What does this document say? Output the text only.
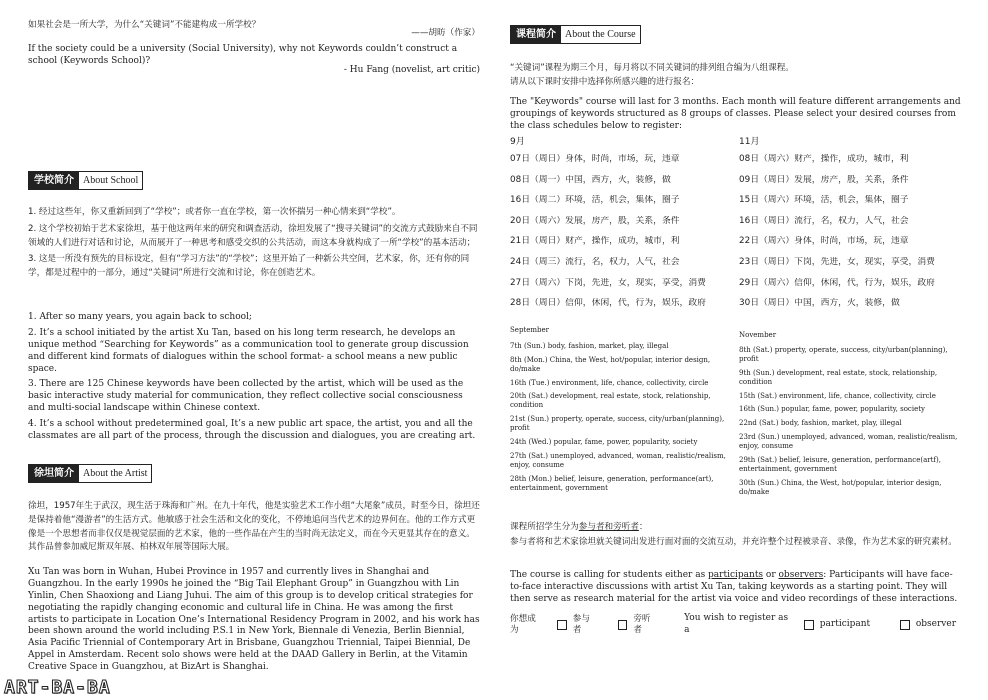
如果社会是一所大学，为什么“关键词”不能建构成一所学校？

——胡昉（作家）

If the society could be a university (Social University), why not Keywords couldn’t construct a school (Keywords School)?

- Hu Fang (novelist, art critic)

学校简介 About School

1. 经过这些年，你又重新回到了“学校”；或者你一直在学校，第一次怀揣另一种心情来到“学校”。

2. 这个学校初始于艺术家徐坦，基于他这两年来的研究和调查活动，徐坦发展了“搜寻关键词”的交流方式鼓励来自不同 领域的人们进行对话和讨论，从而展开了一种思考和感受交织的公共活动，而这本身就构成了一所“学校”的基本活动；

3. 这是一所没有预先的目标设定，但有“学习方法”的“学校”；这里开始了一种新公共空间，艺术家，你，还有你的同学，都是过程中的一部分，通过“关键词”所进行交流和讨论，你在创造艺术。

1. After so many years, you again back to school;

2. It’s a school initiated by the artist Xu Tan, based on his long term research, he develops an unique method “Searching for Keywords” as a communication tool to generate group discussion and different kind formats of dialogues within the school format- a school means a new public space.

3. There are 125 Chinese keywords have been collected by the artist, which will be used as the basic interactive study material for communication, they reflect collective social consciousness and multi-social landscape within Chinese context.

4. It’s a school without predetermined goal, It’s a new public art space, the artist, you and all the classmates are all part of the process, through the discussion and dialogues, you are creating art.

徐坦简介 About the Artist

徐坦，1957年生于武汉，现生活于珠海和广州。在九十年代，他是实验艺术工作小组“大尾象”成员，时至今日，徐坦还是保持着他“漫游者”的生活方式。他敏感于社会生活和文化的变化，不停地追问当代艺术的边界何在。他的工作方式更像是一个思想者而非仅仅是视觉层面的艺术家，他的一些作品在产生的当时尚无法定义，而在今天更显其存在的意义。其作品曾参加威尼斯双年展、柏林双年展等国际大展。

Xu Tan was born in Wuhan, Hubei Province in 1957 and currently lives in Shanghai and Guangzhou. In the early 1990s he joined the “Big Tail Elephant Group” in Guangzhou with Lin Yinlin, Chen Shaoxiong and Liang Juhui. The aim of this group is to develop critical strategies for negotiating the rapidly changing economic and cultural life in China. He was among the first artists to participate in Location One’s International Residency Program in 2002, and his work has been shown around the world including P.S.1 in New York, Biennale di Venezia, Berlin Biennial, Asia Pacific Triennial of Contemporary Art in Brisbane, Guangzhou Triennial, Taipei Biennial, De Appel in Amsterdam. Recent solo shows were held at the DAAD Gallery in Berlin, at the Vitamin Creative Space in Guangzhou, at BizArt is Shanghai.

课程简介 About the Course

“关键词”课程为期三个月，每月将以不同关键词的排列组合编为八组课程。

请从以下课时安排中选择你所感兴趣的进行报名：

The "Keywords" course will last for 3 months. Each month will feature different arrangements and groupings of keywords structured as 8 groups of classes. Please select your desired courses from the class schedules below to register:

9月

07日（周日）身体，时尚，市场，玩，违章
08日（周一）中国，西方，火，装修，做
16日（周二）环境，活，机会，集体，圈子
20日（周六）发展，房产，股，关系，条件
21日（周日）财产，操作，成功，城市，利
24日（周三）流行，名，权力，人气，社会
27日（周六）下岗，先进，女，现实，享受，消费
28日（周日）信仰，休闲，代，行为，娱乐，政府

11月

08日（周六）财产，操作，成功，城市，利
09日（周日）发展，房产，股，关系，条件
15日（周六）环境，活，机会，集体，圈子
16日（周日）流行，名，权力，人气，社会
22日（周六）身体，时尚，市场，玩，违章
23日（周日）下岗，先进，女，现实，享受，消费
29日（周六）信仰，休闲，代，行为，娱乐，政府
30日（周日）中国，西方，火，装修，做

September

7th (Sun.) body, fashion, market, play, illegal
8th (Mon.) China, the West, hot/popular, interior design, do/make
16th (Tue.) environment, life, chance, collectivity, circle
20th (Sat.) development, real estate, stock, relationship, condition
21st (Sun.) property, operate, success, city/urban(planning), profit
24th (Wed.) popular, fame, power, popularity, society
27th (Sat.) unemployed, advanced, woman, realistic/realism, enjoy, consume
28th (Mon.) belief, leisure, generation, performance(art), entertainment, government

November

8th (Sat.) property, operate, success, city/urban(planning), profit
9th (Sun.) development, real estate, stock, relationship, condition
15th (Sat.) environment, life, chance, collectivity, circle
16th (Sun.) popular, fame, power, popularity, society
22nd (Sat.) body, fashion, market, play, illegal
23rd (Sun.) unemployed, advanced, woman, realistic/realism, enjoy, consume
29th (Sat.) belief, leisure, generation, performance(artf), entertainment, government
30th (Sun.) China, the West, hot/popular, interior design, do/make

课程所招学生分为参与者和旁听者：

参与者将和艺术家徐坦就关键词出发进行面对面的交流互动，并充许整个过程被录音、录像，作为艺术家的研究素材。

The course is calling for students either as participants or observers: Participants will have face-to-face interactive discussions with artist Xu Tan, taking keywords as a starting point. They will then serve as research material for the artist via voice and video recordings of these interactions.

你想成为
参与者
旁听者
You wish to register as a
participant	observer
ART-BA-BA
